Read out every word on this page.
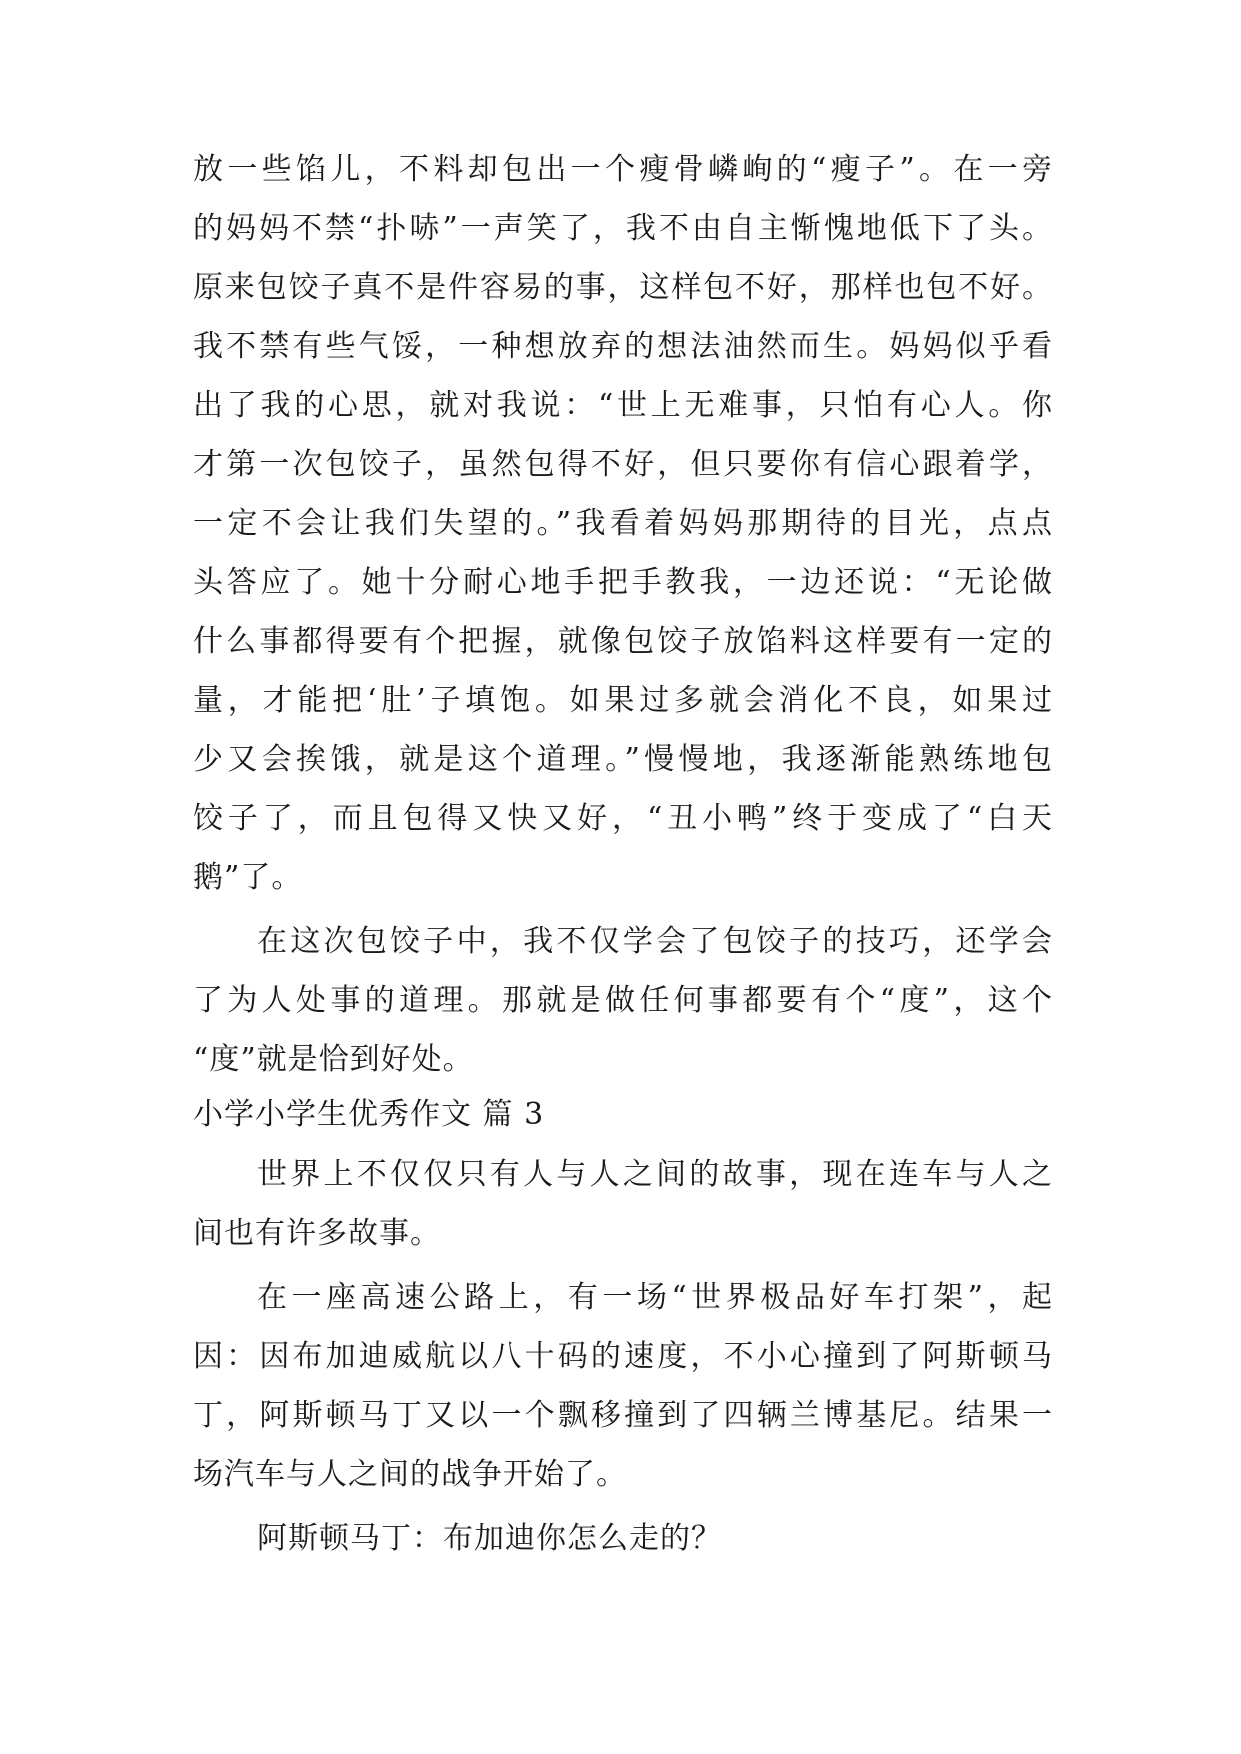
放一些馅儿，不料却包出一个瘦骨嶙峋的“瘦子”。在一旁
的妈妈不禁“扑哧”一声笑了，我不由自主惭愧地低下了头。
原来包饺子真不是件容易的事，这样包不好，那样也包不好。
我不禁有些气馁，一种想放弃的想法油然而生。妈妈似乎看
出了我的心思，就对我说：“世上无难事，只怕有心人。你
才第一次包饺子，虽然包得不好，但只要你有信心跟着学，
一定不会让我们失望的。”我看着妈妈那期待的目光，点点
头答应了。她十分耐心地手把手教我，一边还说：“无论做
什么事都得要有个把握，就像包饺子放馅料这样要有一定的
量，才能把‘肚’子填饱。如果过多就会消化不良，如果过
少又会挨饿，就是这个道理。”慢慢地，我逐渐能熟练地包
饺子了，而且包得又快又好，“丑小鸭”终于变成了“白天
鹅”了。
在这次包饺子中，我不仅学会了包饺子的技巧，还学会
了为人处事的道理。那就是做任何事都要有个“度”，这个
“度”就是恰到好处。
小学小学生优秀作文 篇 3
世界上不仅仅只有人与人之间的故事，现在连车与人之
间也有许多故事。
在一座高速公路上，有一场“世界极品好车打架”，起
因：因布加迪威航以八十码的速度，不小心撞到了阿斯顿马
丁，阿斯顿马丁又以一个飘移撞到了四辆兰博基尼。结果一
场汽车与人之间的战争开始了。
阿斯顿马丁：布加迪你怎么走的？
